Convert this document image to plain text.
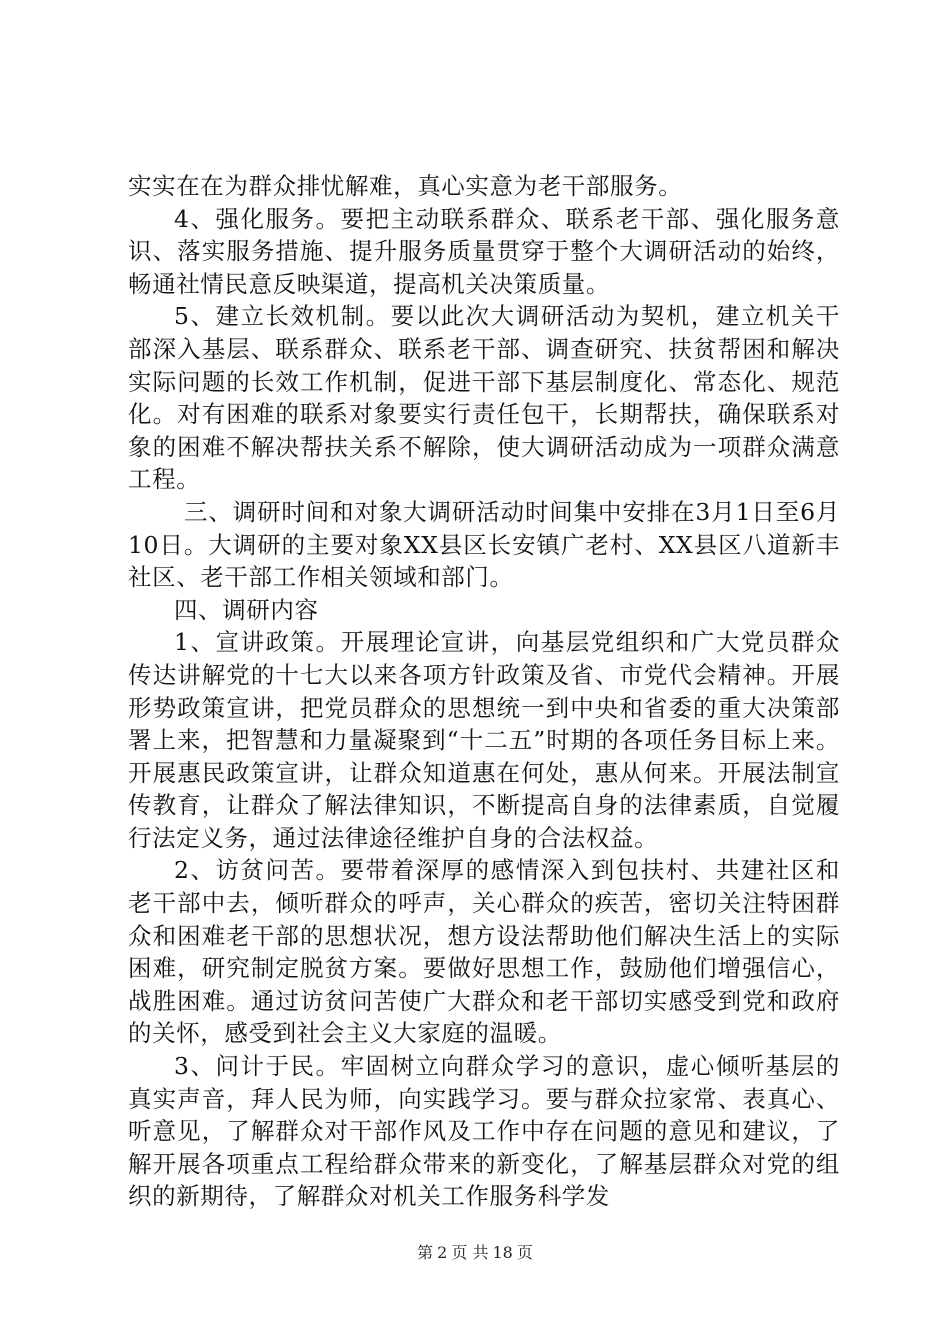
实实在在为群众排忧解难，真心实意为老干部服务。

4、强化服务。要把主动联系群众、联系老干部、强化服务意识、落实服务措施、提升服务质量贯穿于整个大调研活动的始终，畅通社情民意反映渠道，提高机关决策质量。

5、建立长效机制。要以此次大调研活动为契机，建立机关干部深入基层、联系群众、联系老干部、调查研究、扶贫帮困和解决实际问题的长效工作机制，促进干部下基层制度化、常态化、规范化。对有困难的联系对象要实行责任包干，长期帮扶，确保联系对象的困难不解决帮扶关系不解除，使大调研活动成为一项群众满意工程。

三、调研时间和对象大调研活动时间集中安排在3月1日至6月10日。大调研的主要对象XX县区长安镇广老村、XX县区八道新丰社区、老干部工作相关领域和部门。

四、调研内容

1、宣讲政策。开展理论宣讲，向基层党组织和广大党员群众传达讲解党的十七大以来各项方针政策及省、市党代会精神。开展形势政策宣讲，把党员群众的思想统一到中央和省委的重大决策部署上来，把智慧和力量凝聚到“十二五”时期的各项任务目标上来。开展惠民政策宣讲，让群众知道惠在何处，惠从何来。开展法制宣传教育，让群众了解法律知识，不断提高自身的法律素质，自觉履行法定义务，通过法律途径维护自身的合法权益。

2、访贫问苦。要带着深厚的感情深入到包扶村、共建社区和老干部中去，倾听群众的呼声，关心群众的疾苦，密切关注特困群众和困难老干部的思想状况，想方设法帮助他们解决生活上的实际困难，研究制定脱贫方案。要做好思想工作，鼓励他们增强信心，战胜困难。通过访贫问苦使广大群众和老干部切实感受到党和政府的关怀，感受到社会主义大家庭的温暖。

3、问计于民。牢固树立向群众学习的意识，虚心倾听基层的真实声音，拜人民为师，向实践学习。要与群众拉家常、表真心、听意见，了解群众对干部作风及工作中存在问题的意见和建议，了解开展各项重点工程给群众带来的新变化，了解基层群众对党的组织的新期待，了解群众对机关工作服务科学发

第 2 页 共 18 页
